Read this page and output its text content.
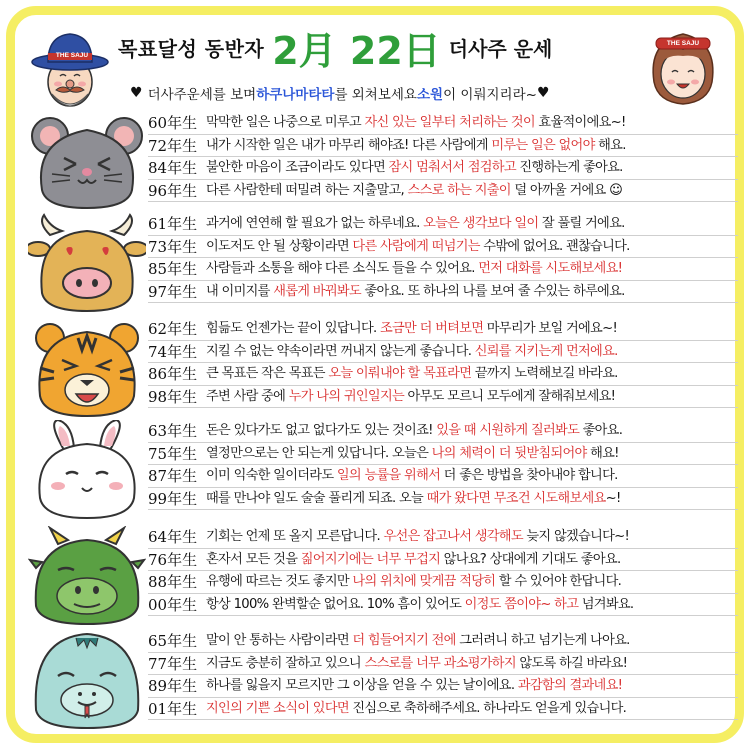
THE SAJU 목표달성 동반자 2月 22日 더사주 운세	THE SAJU
♥ 더사주운세를 보며 하쿠나마타타 를 외쳐보세요 소원 이 이뤄지리라~ ♥
60年生 막막한 일은 나중으로 미루고 자신 있는 일부터 처리하는 것이 효율적이에요~!
72年生 내가 시작한 일은 내가 마무리 해야죠! 다른 사람에게 미루는 일은 없어야 해요.
84年生 불안한 마음이 조금이라도 있다면 잠시 멈춰서서 점검하고 진행하는게 좋아요.
96年生 다른 사람한테 떠밀려 하는 지출말고, 스스로 하는 지출이 덜 아까울 거에요 ☺
61年生 과거에 연연해 할 필요가 없는 하루네요. 오늘은 생각보다 일이 잘 풀릴 거에요.
73年生 이도저도 안 될 상황이라면 다른 사람에게 떠넘기는 수밖에 없어요. 괜찮습니다.
85年生 사람들과 소통을 해야 다른 소식도 들을 수 있어요. 먼저 대화를 시도해보세요!
97年生 내 이미지를 새롭게 바꿔봐도 좋아요. 또 하나의 나를 보여 줄 수있는 하루에요.
62年生 힘듦도 언젠가는 끝이 있답니다. 조금만 더 버텨보면 마무리가 보일 거에요~!
74年生 지킬 수 없는 약속이라면 꺼내지 않는게 좋습니다. 신뢰를 지키는게 먼저에요.
86年生 큰 목표든 작은 목표든 오늘 이뤄내야 할 목표라면 끝까지 노력해보길 바라요.
98年生 주변 사람 중에 누가 나의 귀인일지는 아무도 모르니 모두에게 잘해줘보세요!
63年生 돈은 있다가도 없고 없다가도 있는 것이죠! 있을 때 시원하게 질러봐도 좋아요.
75年生 열정만으로는 안 되는게 있답니다. 오늘은 나의 체력이 더 뒷받침되어야 해요!
87年生 이미 익숙한 일이더라도 일의 능률을 위해서 더 좋은 방법을 찾아내야 합니다.
99年生 때를 만나야 일도 술술 풀리게 되죠. 오늘 때가 왔다면 무조건 시도해보세요~!
64年生 기회는 언제 또 올지 모른답니다. 우선은 잡고나서 생각해도 늦지 않겠습니다~!
76年生 혼자서 모든 것을 짊어지기에는 너무 무겁지 않나요? 상대에게 기대도 좋아요.
88年生 유행에 따르는 것도 좋지만 나의 위치에 맞게끔 적당히 할 수 있어야 한답니다.
00年生 항상 100% 완벽할순 없어요. 10% 흠이 있어도 이정도 쯤이야~ 하고 넘겨봐요.
65年生 말이 안 통하는 사람이라면 더 힘들어지기 전에 그러려니 하고 넘기는게 나아요.
77年生 지금도 충분히 잘하고 있으니 스스로를 너무 과소평가하지 않도록 하길 바라요!
89年生 하나를 잃을지 모르지만 그 이상을 얻을 수 있는 날이에요. 과감함의 결과네요!
01年生 지인의 기쁜 소식이 있다면 진심으로 축하해주세요. 하나라도 얻을게 있습니다.
